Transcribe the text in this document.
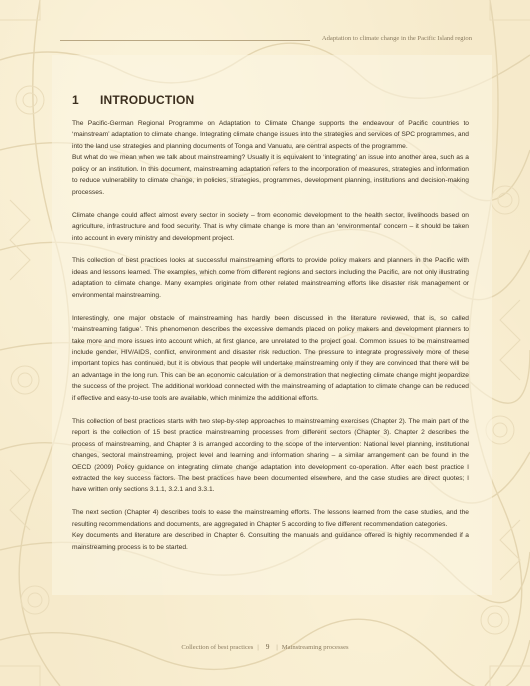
Adaptation to climate change in the Pacific Island region
1 INTRODUCTION

The Pacific-German Regional Programme on Adaptation to Climate Change supports the endeavour of Pacific countries to ‘mainstream’ adaptation to climate change. Integrating climate change issues into the strategies and services of SPC programmes, and into the land use strategies and planning documents of Tonga and Vanuatu, are central aspects of the programme.

But what do we mean when we talk about mainstreaming? Usually it is equivalent to ‘integrating’ an issue into another area, such as a policy or an institution. In this document, mainstreaming adaptation refers to the incorporation of measures, strategies and information to reduce vulnerability to climate change, in policies, strategies, programmes, development planning, institutions and decision-making processes.

Climate change could affect almost every sector in society – from economic development to the health sector, livelihoods based on agriculture, infrastructure and food security. That is why climate change is more than an ‘environmental’ concern – it should be taken into account in every ministry and development project.

This collection of best practices looks at successful mainstreaming efforts to provide policy makers and planners in the Pacific with ideas and lessons learned. The examples, which come from different regions and sectors including the Pacific, are not only illustrating adaptation to climate change. Many examples originate from other related mainstreaming efforts like disaster risk management or environmental mainstreaming.

Interestingly, one major obstacle of mainstreaming has hardly been discussed in the literature reviewed, that is, so called ‘mainstreaming fatigue’. This phenomenon describes the excessive demands placed on policy makers and development planners to take more and more issues into account which, at first glance, are unrelated to the project goal. Common issues to be mainstreamed include gender, HIV/AIDS, conflict, environment and disaster risk reduction. The pressure to integrate progressively more of these important topics has continued, but it is obvious that people will undertake mainstreaming only if they are convinced that there will be an advantage in the long run. This can be an economic calculation or a demonstration that neglecting climate change might jeopardize the success of the project. The additional workload connected with the mainstreaming of adaptation to climate change can be reduced if effective and easy-to-use tools are available, which minimize the additional efforts.

This collection of best practices starts with two step-by-step approaches to mainstreaming exercises (Chapter 2). The main part of the report is the collection of 15 best practice mainstreaming processes from different sectors (Chapter 3). Chapter 2 describes the process of mainstreaming, and Chapter 3 is arranged according to the scope of the intervention: National level planning, institutional changes, sectoral mainstreaming, project level and learning and information sharing – a similar arrangement can be found in the OECD (2009) Policy guidance on integrating climate change adaptation into development co-operation. After each best practice I extracted the key success factors. The best practices have been documented elsewhere, and the case studies are direct quotes; I have written only sections 3.1.1, 3.2.1 and 3.3.1.

The next section (Chapter 4) describes tools to ease the mainstreaming efforts. The lessons learned from the case studies, and the resulting recommendations and documents, are aggregated in Chapter 5 according to five different recommendation categories.

Key documents and literature are described in Chapter 6. Consulting the manuals and guidance offered is highly recommended if a mainstreaming process is to be started.

Collection of best practices | 9 | Mainstreaming processes
